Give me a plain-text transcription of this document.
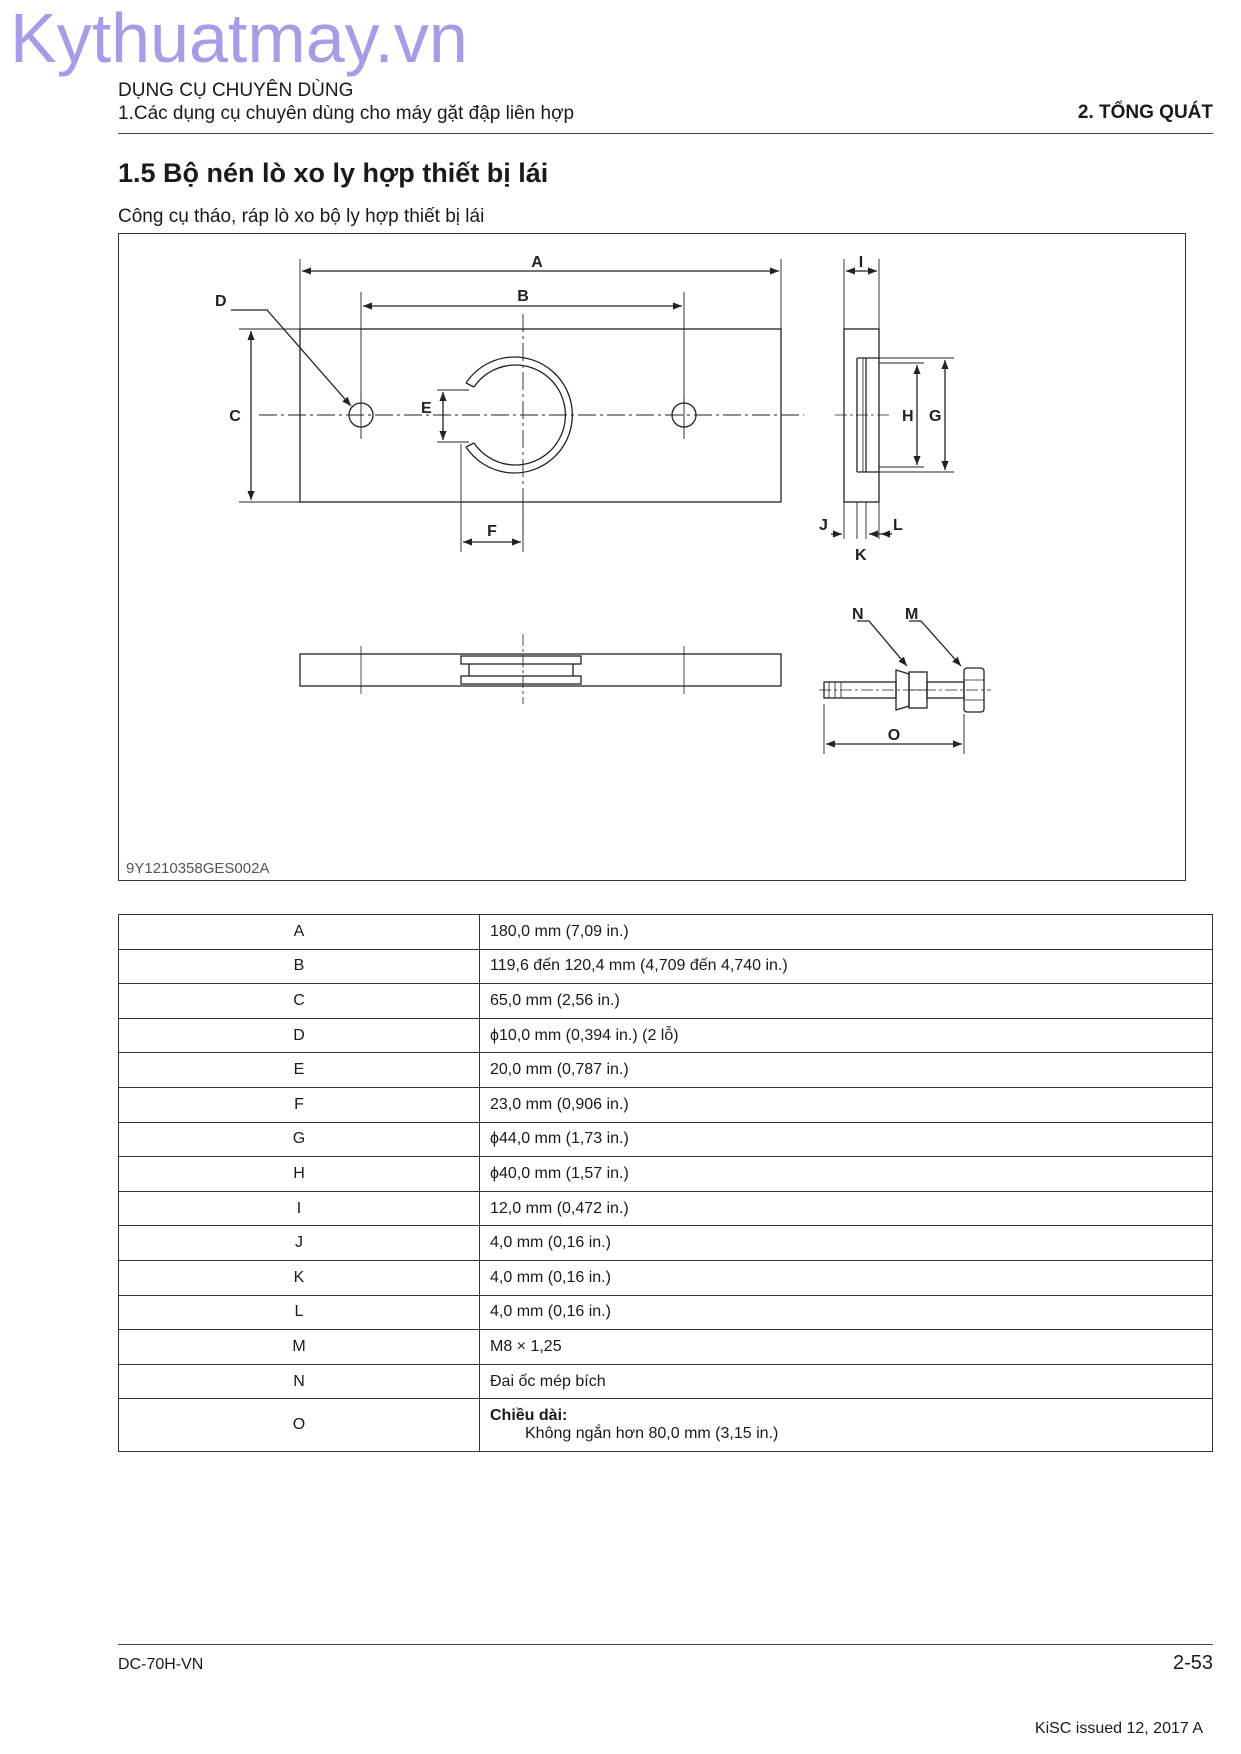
Kythuatmay.vn
DỤNG CỤ CHUYÊN DÙNG
1.Các dụng cụ chuyên dùng cho máy gặt đập liên hợp	2. TỔNG QUÁT
1.5 Bộ nén lò xo ly hợp thiết bị lái
Công cụ tháo, ráp lò xo bộ ly hợp thiết bị lái
A
B
C
D
E
F
I
H G
J
K
L
N	M
O
9Y1210358GES002A
A	180,0 mm (7,09 in.)
B	119,6 đến 120,4 mm (4,709 đến 4,740 in.)
C	65,0 mm (2,56 in.)
D	ϕ10,0 mm (0,394 in.) (2 lỗ)
E	20,0 mm (0,787 in.)
F	23,0 mm (0,906 in.)
G	ϕ44,0 mm (1,73 in.)
H	ϕ40,0 mm (1,57 in.)
I	12,0 mm (0,472 in.)
J	4,0 mm (0,16 in.)
K	4,0 mm (0,16 in.)
L	4,0 mm (0,16 in.)
M	M8 × 1,25
N	Đai ốc mép bích
O	Chiều dài:
Không ngắn hơn 80,0 mm (3,15 in.)
DC-70H-VN	2-53
KiSC issued 12, 2017 A
